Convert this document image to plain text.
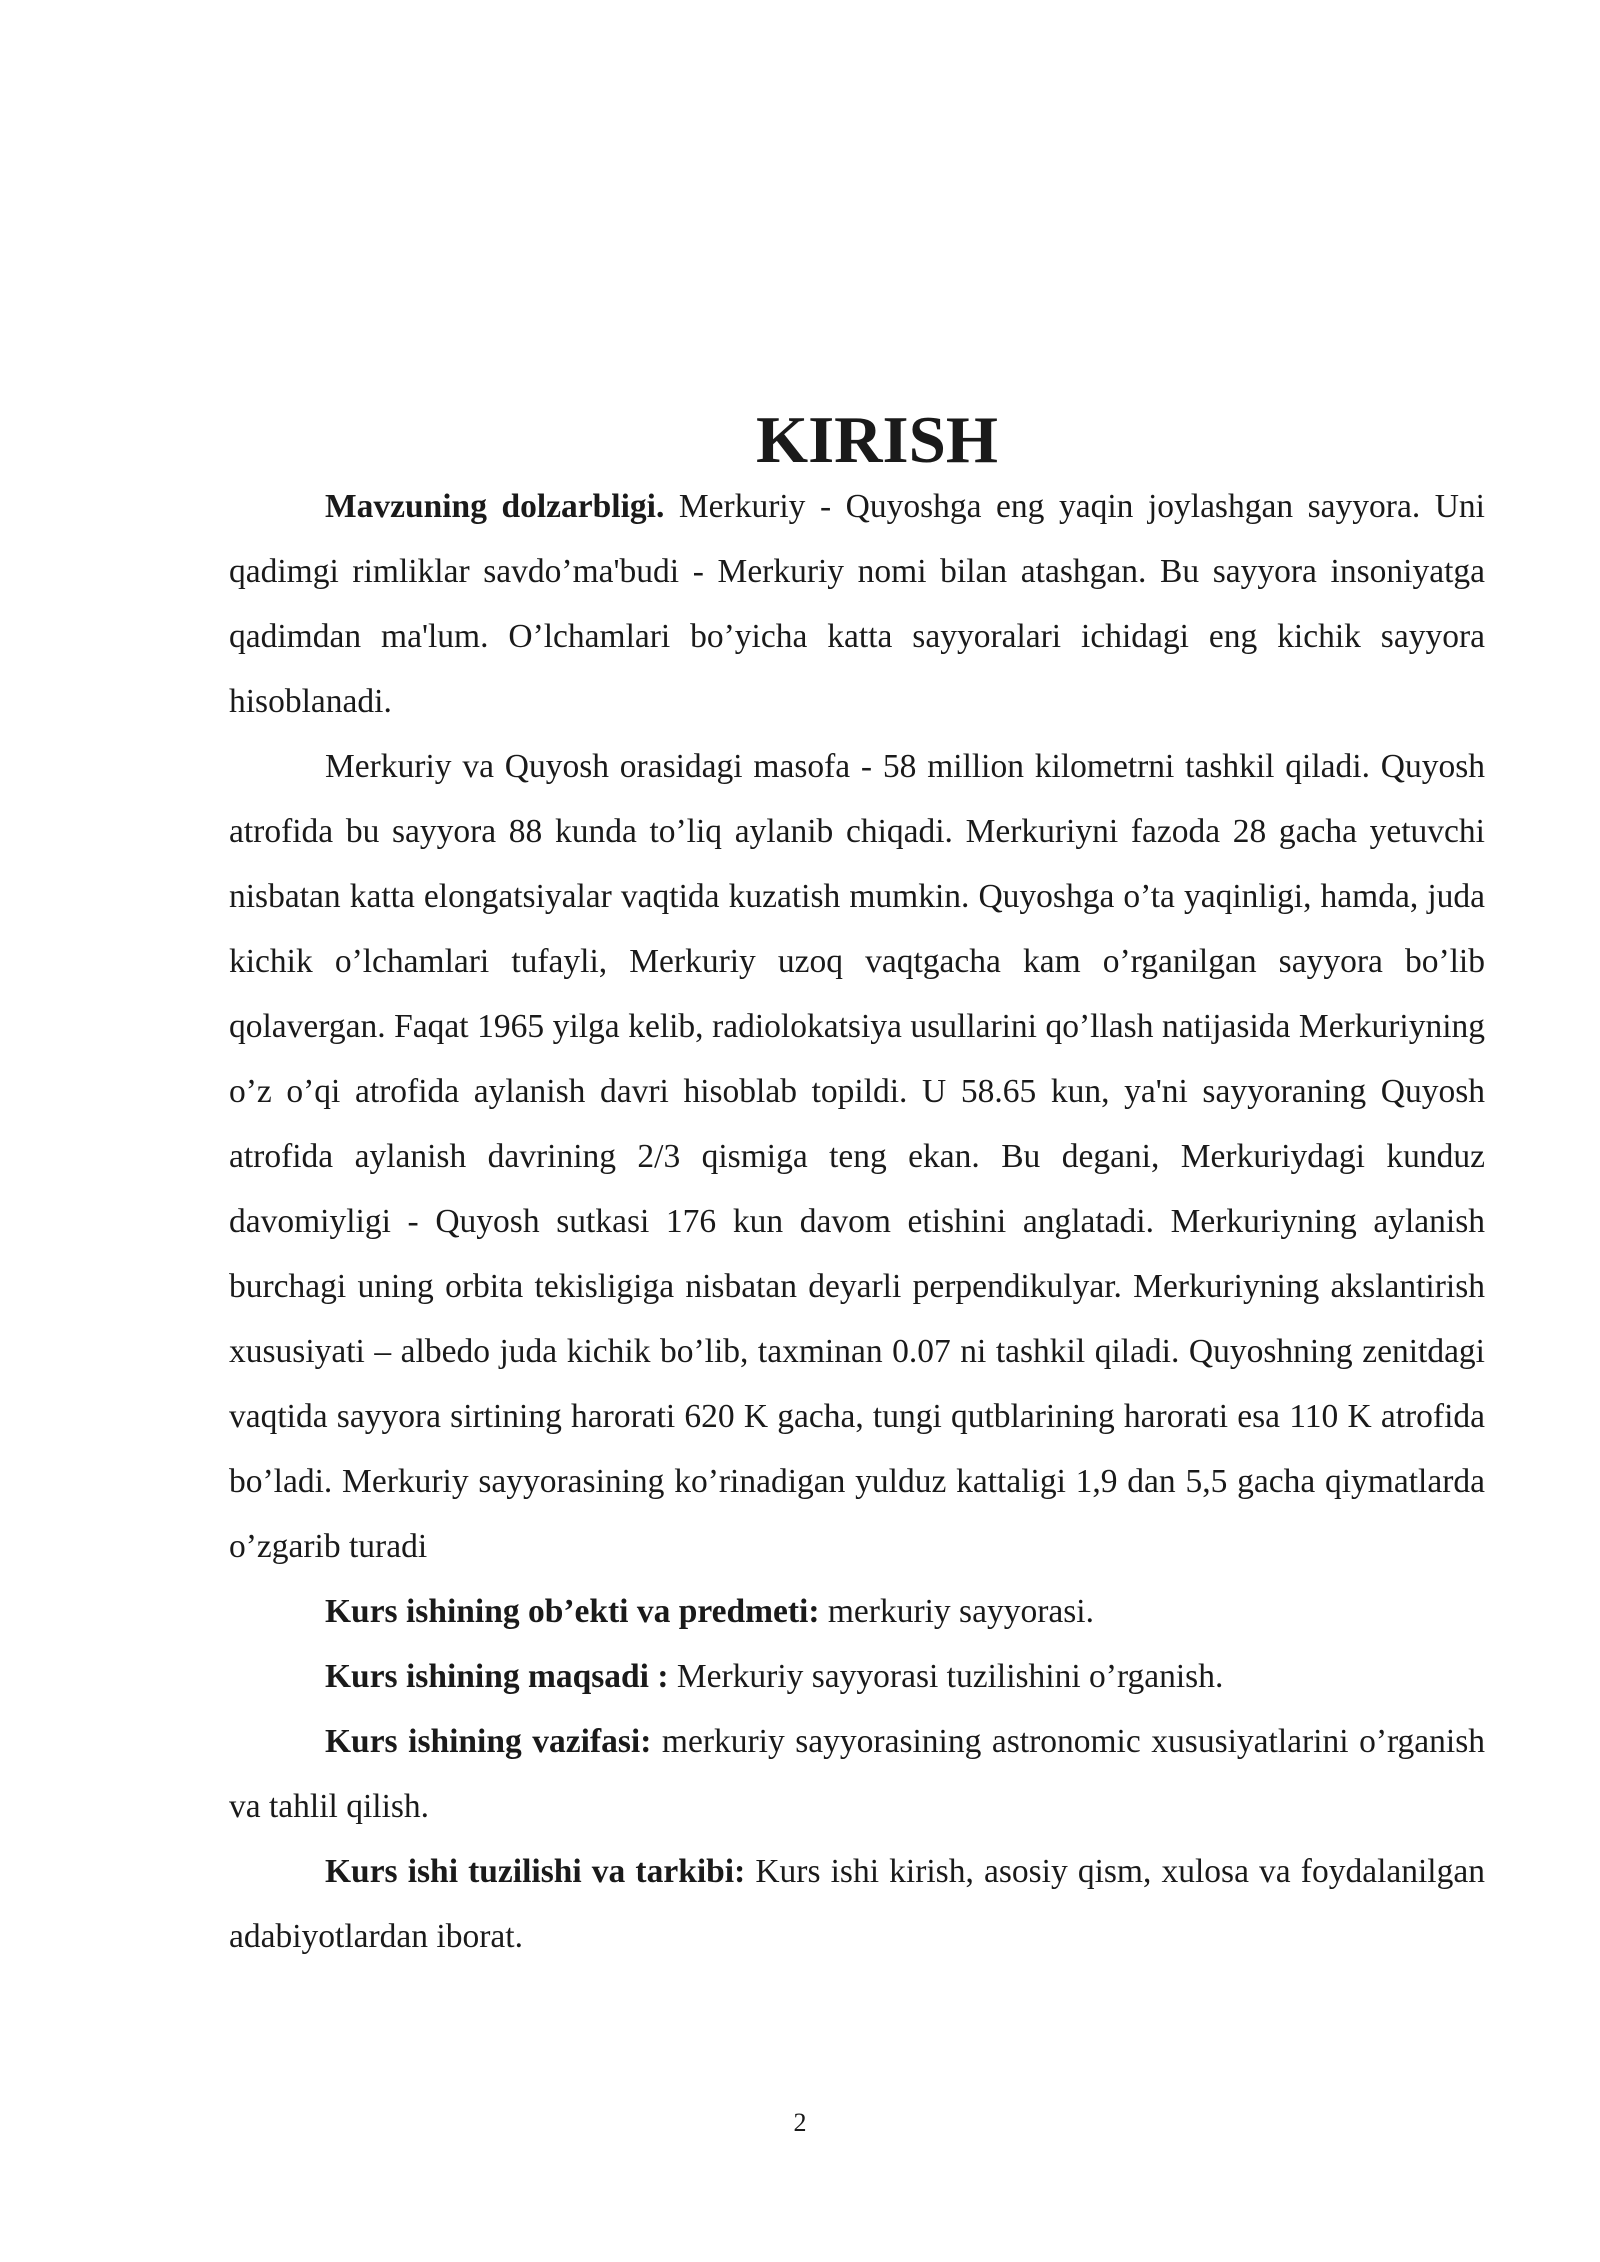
KIRISH

Mavzuning dolzarbligi. Merkuriy - Quyoshga eng yaqin joylashgan sayyora. Uni qadimgi rimliklar savdo’ma'budi - Merkuriy nomi bilan atashgan. Bu sayyora insoniyatga qadimdan ma'lum. O’lchamlari bo’yicha katta sayyoralari ichidagi eng kichik sayyora hisoblanadi.

Merkuriy va Quyosh orasidagi masofa - 58 million kilometrni tashkil qiladi. Quyosh atrofida bu sayyora 88 kunda to’liq aylanib chiqadi. Merkuriyni fazoda 28 gacha yetuvchi nisbatan katta elongatsiyalar vaqtida kuzatish mumkin. Quyoshga o’ta yaqinligi, hamda, juda kichik o’lchamlari tufayli, Merkuriy uzoq vaqtgacha kam o’rganilgan sayyora bo’lib qolavergan. Faqat 1965 yilga kelib, radiolokatsiya usullarini qo’llash natijasida Merkuriyning o’z o’qi atrofida aylanish davri hisoblab topildi. U 58.65 kun, ya'ni sayyoraning Quyosh atrofida aylanish davrining 2/3 qismiga teng ekan. Bu degani, Merkuriydagi kunduz davomiyligi - Quyosh sutkasi 176 kun davom etishini anglatadi. Merkuriyning aylanish burchagi uning orbita tekisligiga nisbatan deyarli perpendikulyar. Merkuriyning akslantirish xususiyati – albedo juda kichik bo’lib, taxminan 0.07 ni tashkil qiladi. Quyoshning zenitdagi vaqtida sayyora sirtining harorati 620 K gacha, tungi qutblarining harorati esa 110 K atrofida bo’ladi. Merkuriy sayyorasining ko’rinadigan yulduz kattaligi 1,9 dan 5,5 gacha qiymatlarda o’zgarib turadi

Kurs ishining ob’ekti va predmeti: merkuriy sayyorasi.

Kurs ishining maqsadi : Merkuriy sayyorasi tuzilishini o’rganish.

Kurs ishining vazifasi: merkuriy sayyorasining astronomic xususiyatlarini o’rganish va tahlil qilish.

Kurs ishi tuzilishi va tarkibi: Kurs ishi kirish, asosiy qism, xulosa va foydalanilgan adabiyotlardan iborat.

2
